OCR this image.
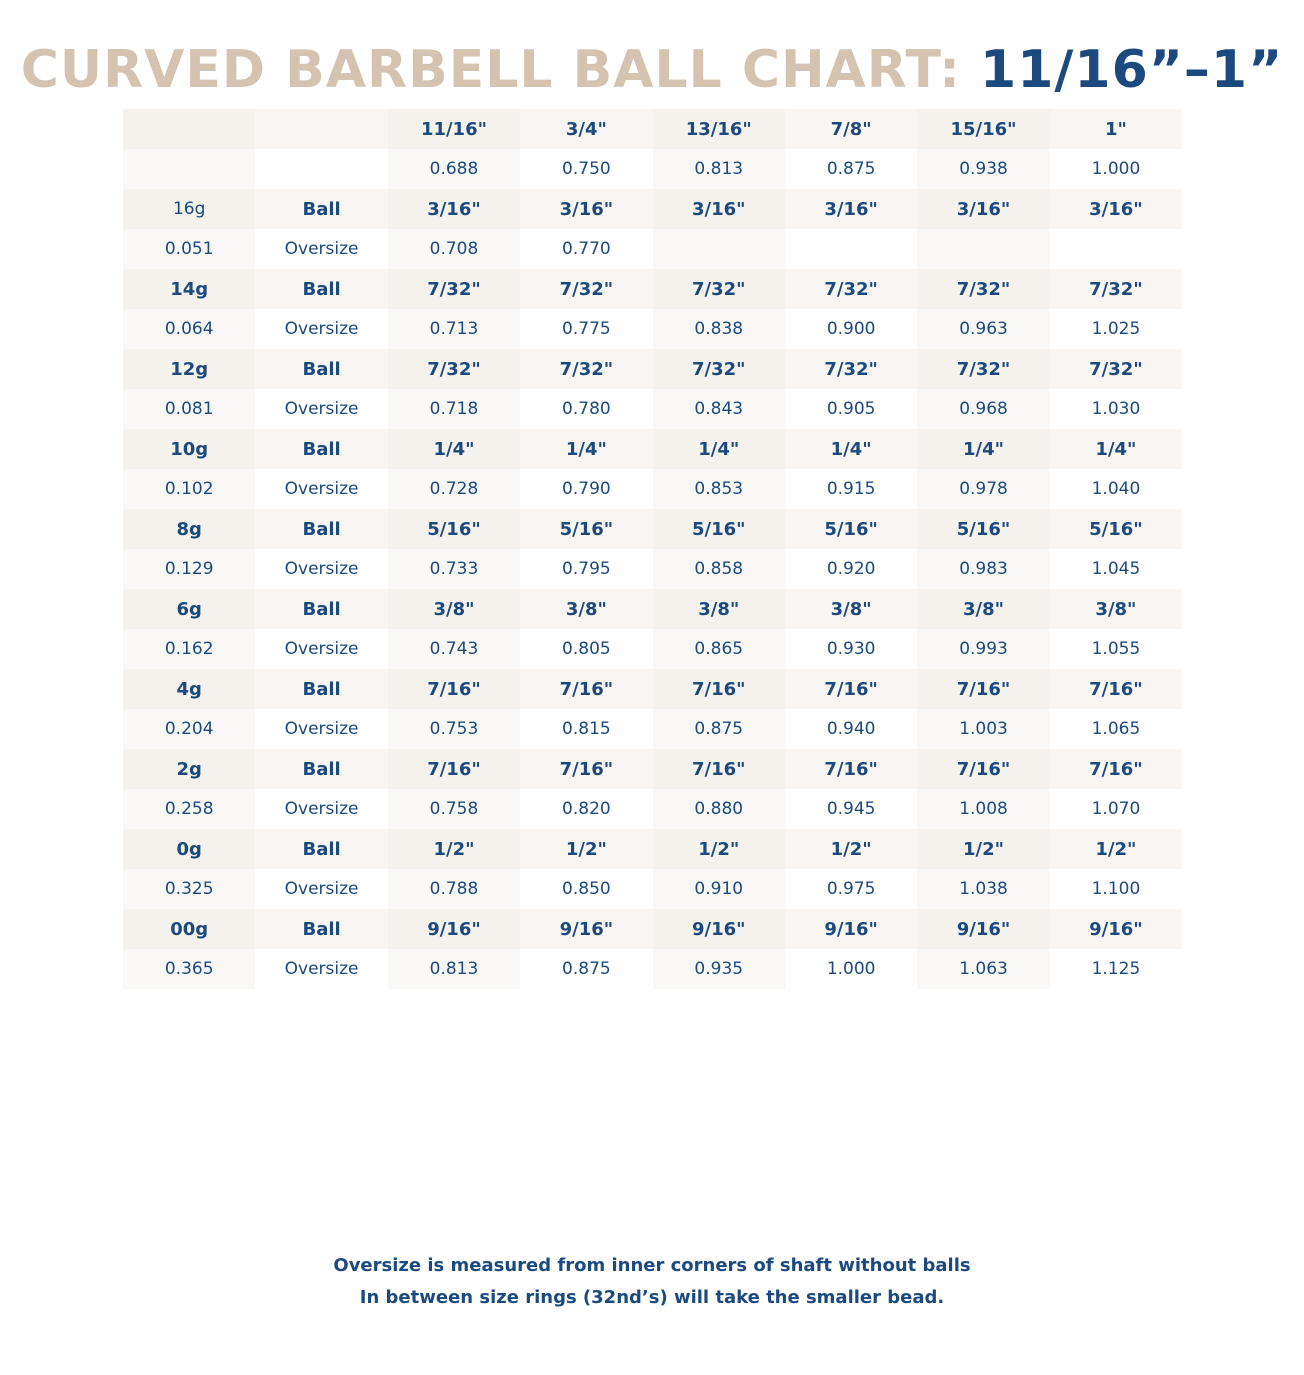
CURVED BARBELL BALL CHART: 11/16”–1”
		11/16"	3/4"	13/16"	7/8"	15/16"	1"
		0.688	0.750	0.813	0.875	0.938	1.000
16g	Ball	3/16"	3/16"	3/16"	3/16"	3/16"	3/16"
0.051	Oversize	0.708	0.770				
14g	Ball	7/32"	7/32"	7/32"	7/32"	7/32"	7/32"
0.064	Oversize	0.713	0.775	0.838	0.900	0.963	1.025
12g	Ball	7/32"	7/32"	7/32"	7/32"	7/32"	7/32"
0.081	Oversize	0.718	0.780	0.843	0.905	0.968	1.030
10g	Ball	1/4"	1/4"	1/4"	1/4"	1/4"	1/4"
0.102	Oversize	0.728	0.790	0.853	0.915	0.978	1.040
8g	Ball	5/16"	5/16"	5/16"	5/16"	5/16"	5/16"
0.129	Oversize	0.733	0.795	0.858	0.920	0.983	1.045
6g	Ball	3/8"	3/8"	3/8"	3/8"	3/8"	3/8"
0.162	Oversize	0.743	0.805	0.865	0.930	0.993	1.055
4g	Ball	7/16"	7/16"	7/16"	7/16"	7/16"	7/16"
0.204	Oversize	0.753	0.815	0.875	0.940	1.003	1.065
2g	Ball	7/16"	7/16"	7/16"	7/16"	7/16"	7/16"
0.258	Oversize	0.758	0.820	0.880	0.945	1.008	1.070
0g	Ball	1/2"	1/2"	1/2"	1/2"	1/2"	1/2"
0.325	Oversize	0.788	0.850	0.910	0.975	1.038	1.100
00g	Ball	9/16"	9/16"	9/16"	9/16"	9/16"	9/16"
0.365	Oversize	0.813	0.875	0.935	1.000	1.063	1.125
Oversize is measured from inner corners of shaft without balls
In between size rings (32nd’s) will take the smaller bead.
